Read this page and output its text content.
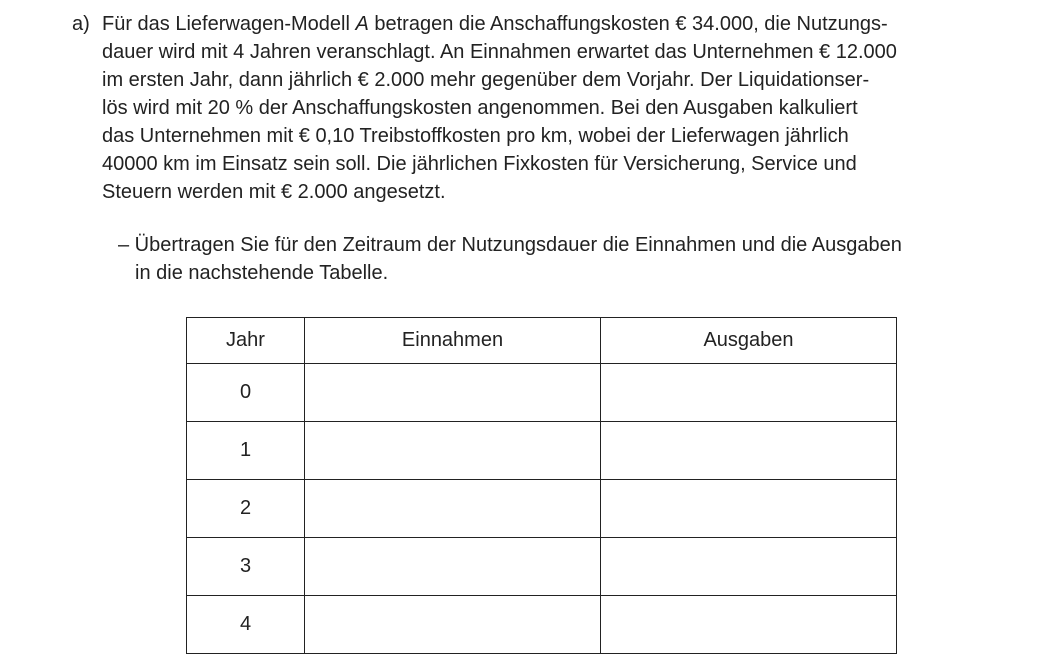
a) Für das Lieferwagen-Modell A betragen die Anschaffungskosten € 34.000, die Nutzungs-
dauer wird mit 4 Jahren veranschlagt. An Einnahmen erwartet das Unternehmen € 12.000
im ersten Jahr, dann jährlich € 2.000 mehr gegenüber dem Vorjahr. Der Liquidationser-
lös wird mit 20 % der Anschaffungskosten angenommen. Bei den Ausgaben kalkuliert
das Unternehmen mit € 0,10 Treibstoffkosten pro km, wobei der Lieferwagen jährlich
40000 km im Einsatz sein soll. Die jährlichen Fixkosten für Versicherung, Service und
Steuern werden mit € 2.000 angesetzt.
– Übertragen Sie für den Zeitraum der Nutzungsdauer die Einnahmen und die Ausgaben
in die nachstehende Tabelle.
Jahr	Einnahmen	Ausgaben
0		
1		
2		
3		
4		
